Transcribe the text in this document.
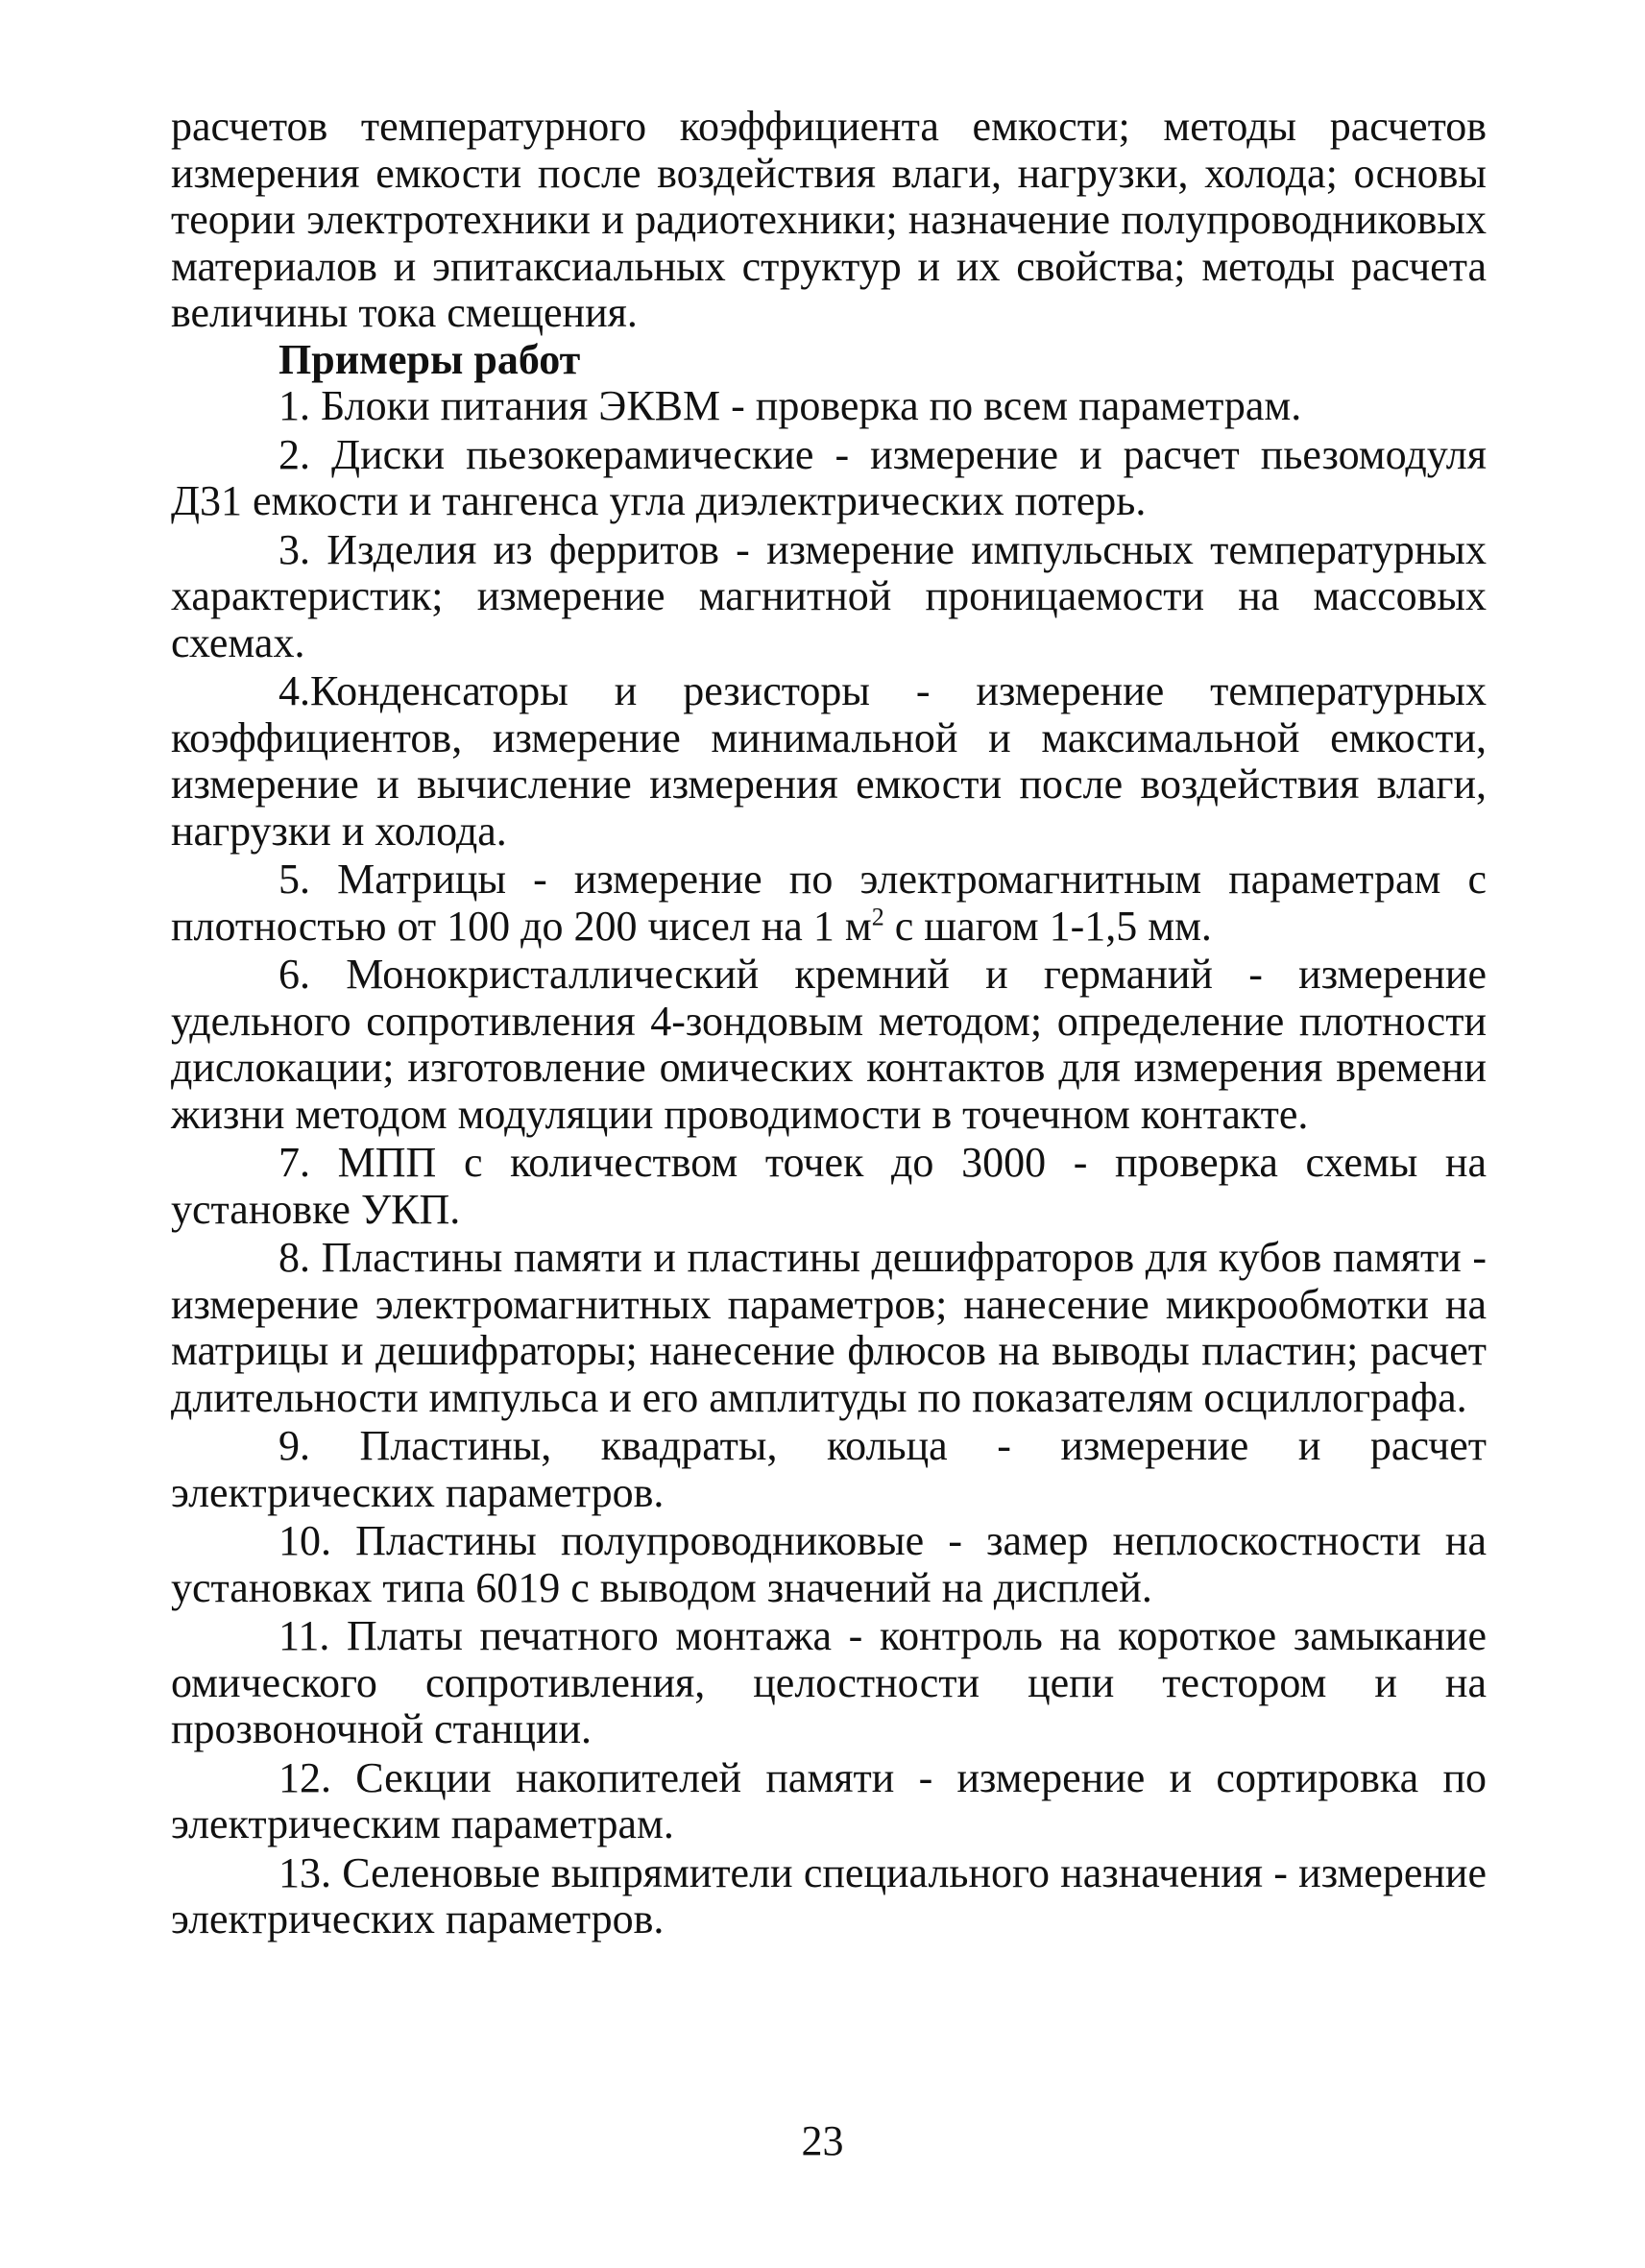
расчетов температурного коэффициента емкости; методы расчетов измерения емкости после воздействия влаги, нагрузки, холода; основы теории электротехники и радиотехники; назначение полупроводниковых материалов и эпитаксиальных структур и их свойства; методы расчета величины тока смещения.

Примеры работ

1. Блоки питания ЭКВМ - проверка по всем параметрам.

2. Диски пьезокерамические - измерение и расчет пьезомодуля Д31 емкости и тангенса угла диэлектрических потерь.

3. Изделия из ферритов - измерение импульсных температурных характеристик; измерение магнитной проницаемости на массовых схемах.

4.Конденсаторы и резисторы - измерение температурных коэффициентов, измерение минимальной и максимальной емкости, измерение и вычисление измерения емкости после воздействия влаги, нагрузки и холода.

5. Матрицы - измерение по электромагнитным параметрам с плотностью от 100 до 200 чисел на 1 $м^2$ с шагом 1-1,5 мм.

6. Монокристаллический кремний и германий - измерение удельного сопротивления 4-зондовым методом; определение плотности дислокации; изготовление омических контактов для измерения времени жизни методом модуляции проводимости в точечном контакте.

7. МПП с количеством точек до 3000 - проверка схемы на установке УКП.

8. Пластины памяти и пластины дешифраторов для кубов памяти - измерение электромагнитных параметров; нанесение микрообмотки на матрицы и дешифраторы; нанесение флюсов на выводы пластин; расчет длительности импульса и его амплитуды по показателям осциллографа.

9. Пластины, квадраты, кольца - измерение и расчет электрических параметров.

10. Пластины полупроводниковые - замер неплоскостности на установках типа 6019 с выводом значений на дисплей.

11. Платы печатного монтажа - контроль на короткое замыкание омического сопротивления, целостности цепи тестором и на прозвоночной станции.

12. Секции накопителей памяти - измерение и сортировка по электрическим параметрам.

13. Селеновые выпрямители специального назначения - измерение электрических параметров.

23
